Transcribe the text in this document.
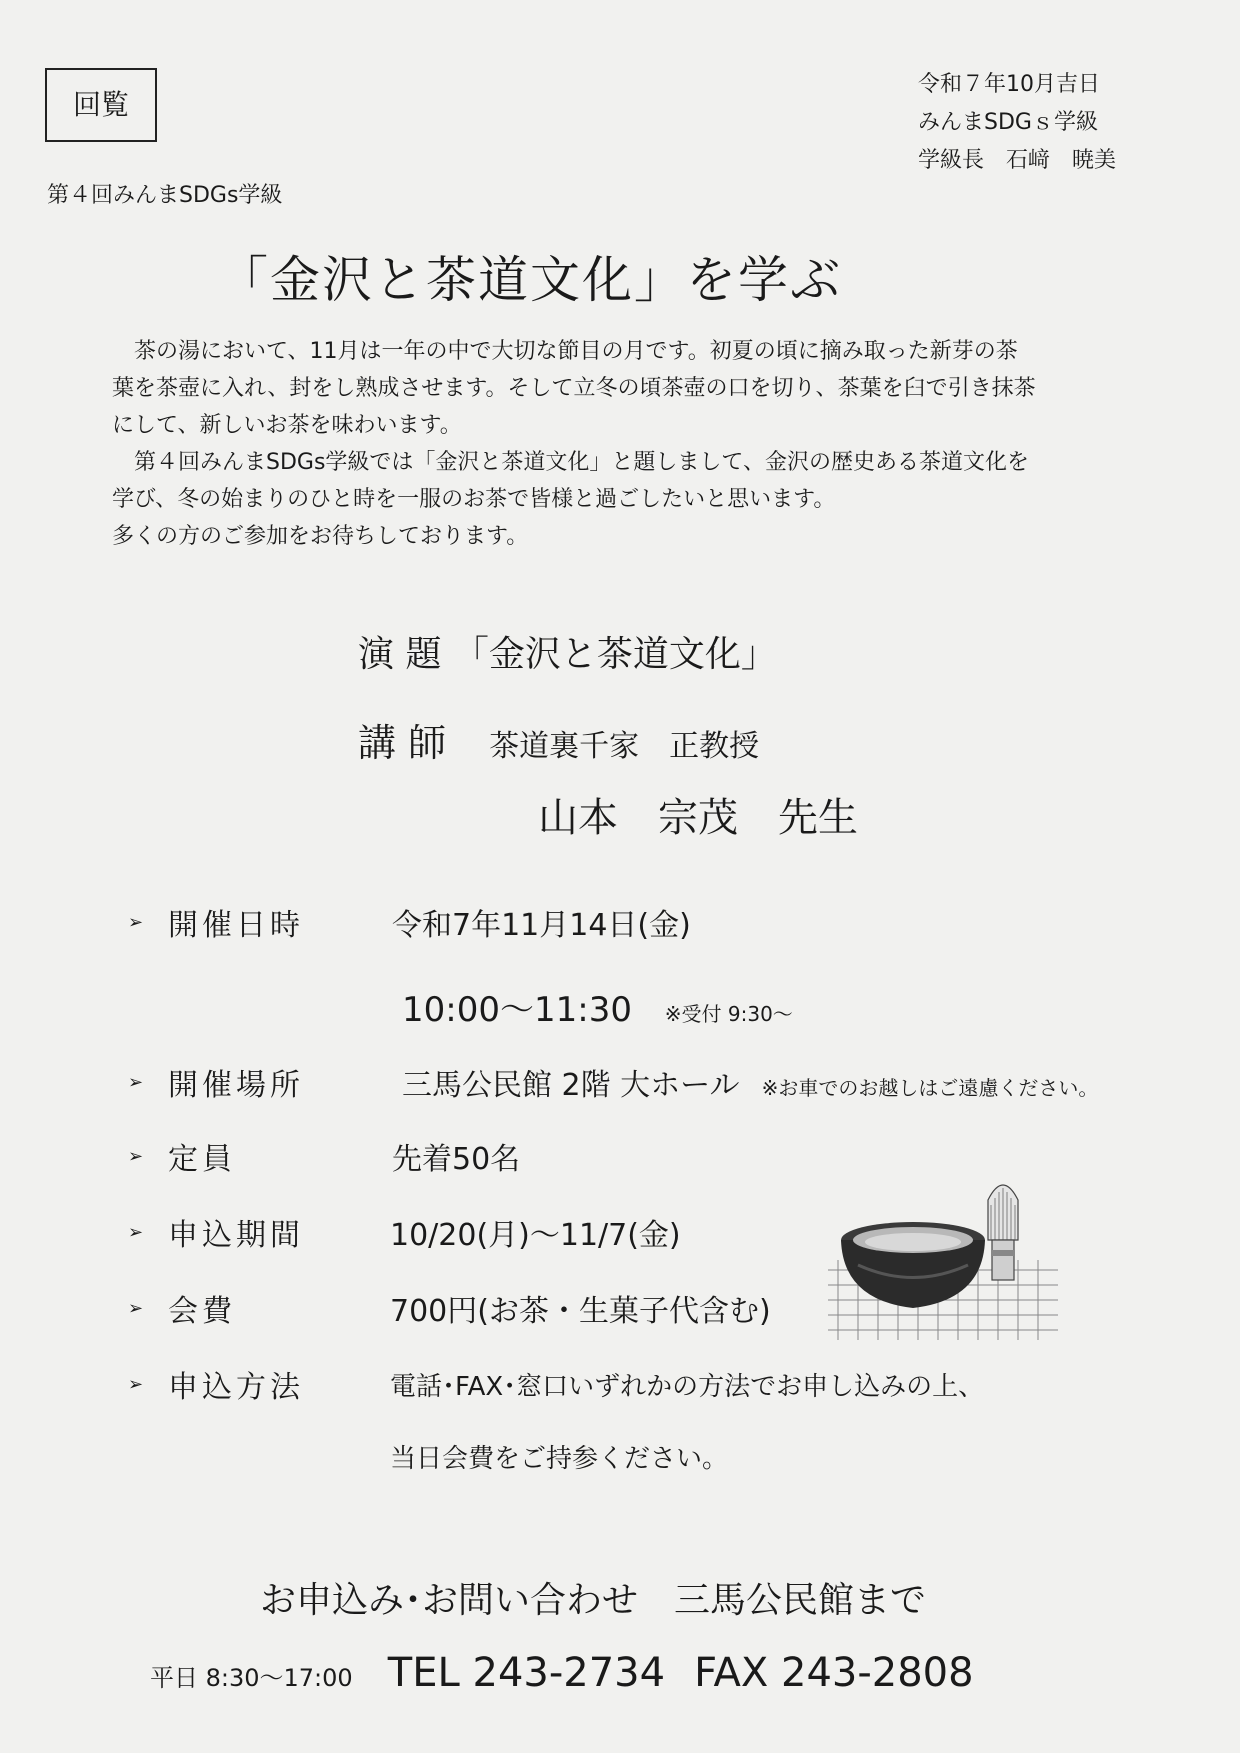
回覧
令和７年10月吉日
みんまSDGｓ学級
学級長　石﨑　暁美
第４回みんまSDGs学級
「金沢と茶道文化」を学ぶ

茶の湯において、11月は一年の中で大切な節目の月です。初夏の頃に摘み取った新芽の茶

葉を茶壺に入れ、封をし熟成させます。そして立冬の頃茶壺の口を切り、茶葉を臼で引き抹茶

にして、新しいお茶を味わいます。

第４回みんまSDGs学級では「金沢と茶道文化」と題しまして、金沢の歴史ある茶道文化を

学び、冬の始まりのひと時を一服のお茶で皆様と過ごしたいと思います。

多くの方のご参加をお待ちしております。

演 題 「金沢と茶道文化」
講 師 茶道裏千家　正教授
山本　宗茂　先生
➢ 開催日時	令和7年11月14日(金)
10:00～11:30 ※受付 9:30～
➢ 開催場所	三馬公民館 2階 大ホール ※お車でのお越しはご遠慮ください。
➢ 定員	先着50名
➢ 申込期間	10/20(月)～11/7(金)
➢ 会費	700円(お茶・生菓子代含む)
➢ 申込方法	電話･FAX･窓口いずれかの方法でお申し込みの上、
当日会費をご持参ください。
お申込み･お問い合わせ　三馬公民館まで
平日 8:30～17:00 TEL 243-2734 FAX 243-2808
